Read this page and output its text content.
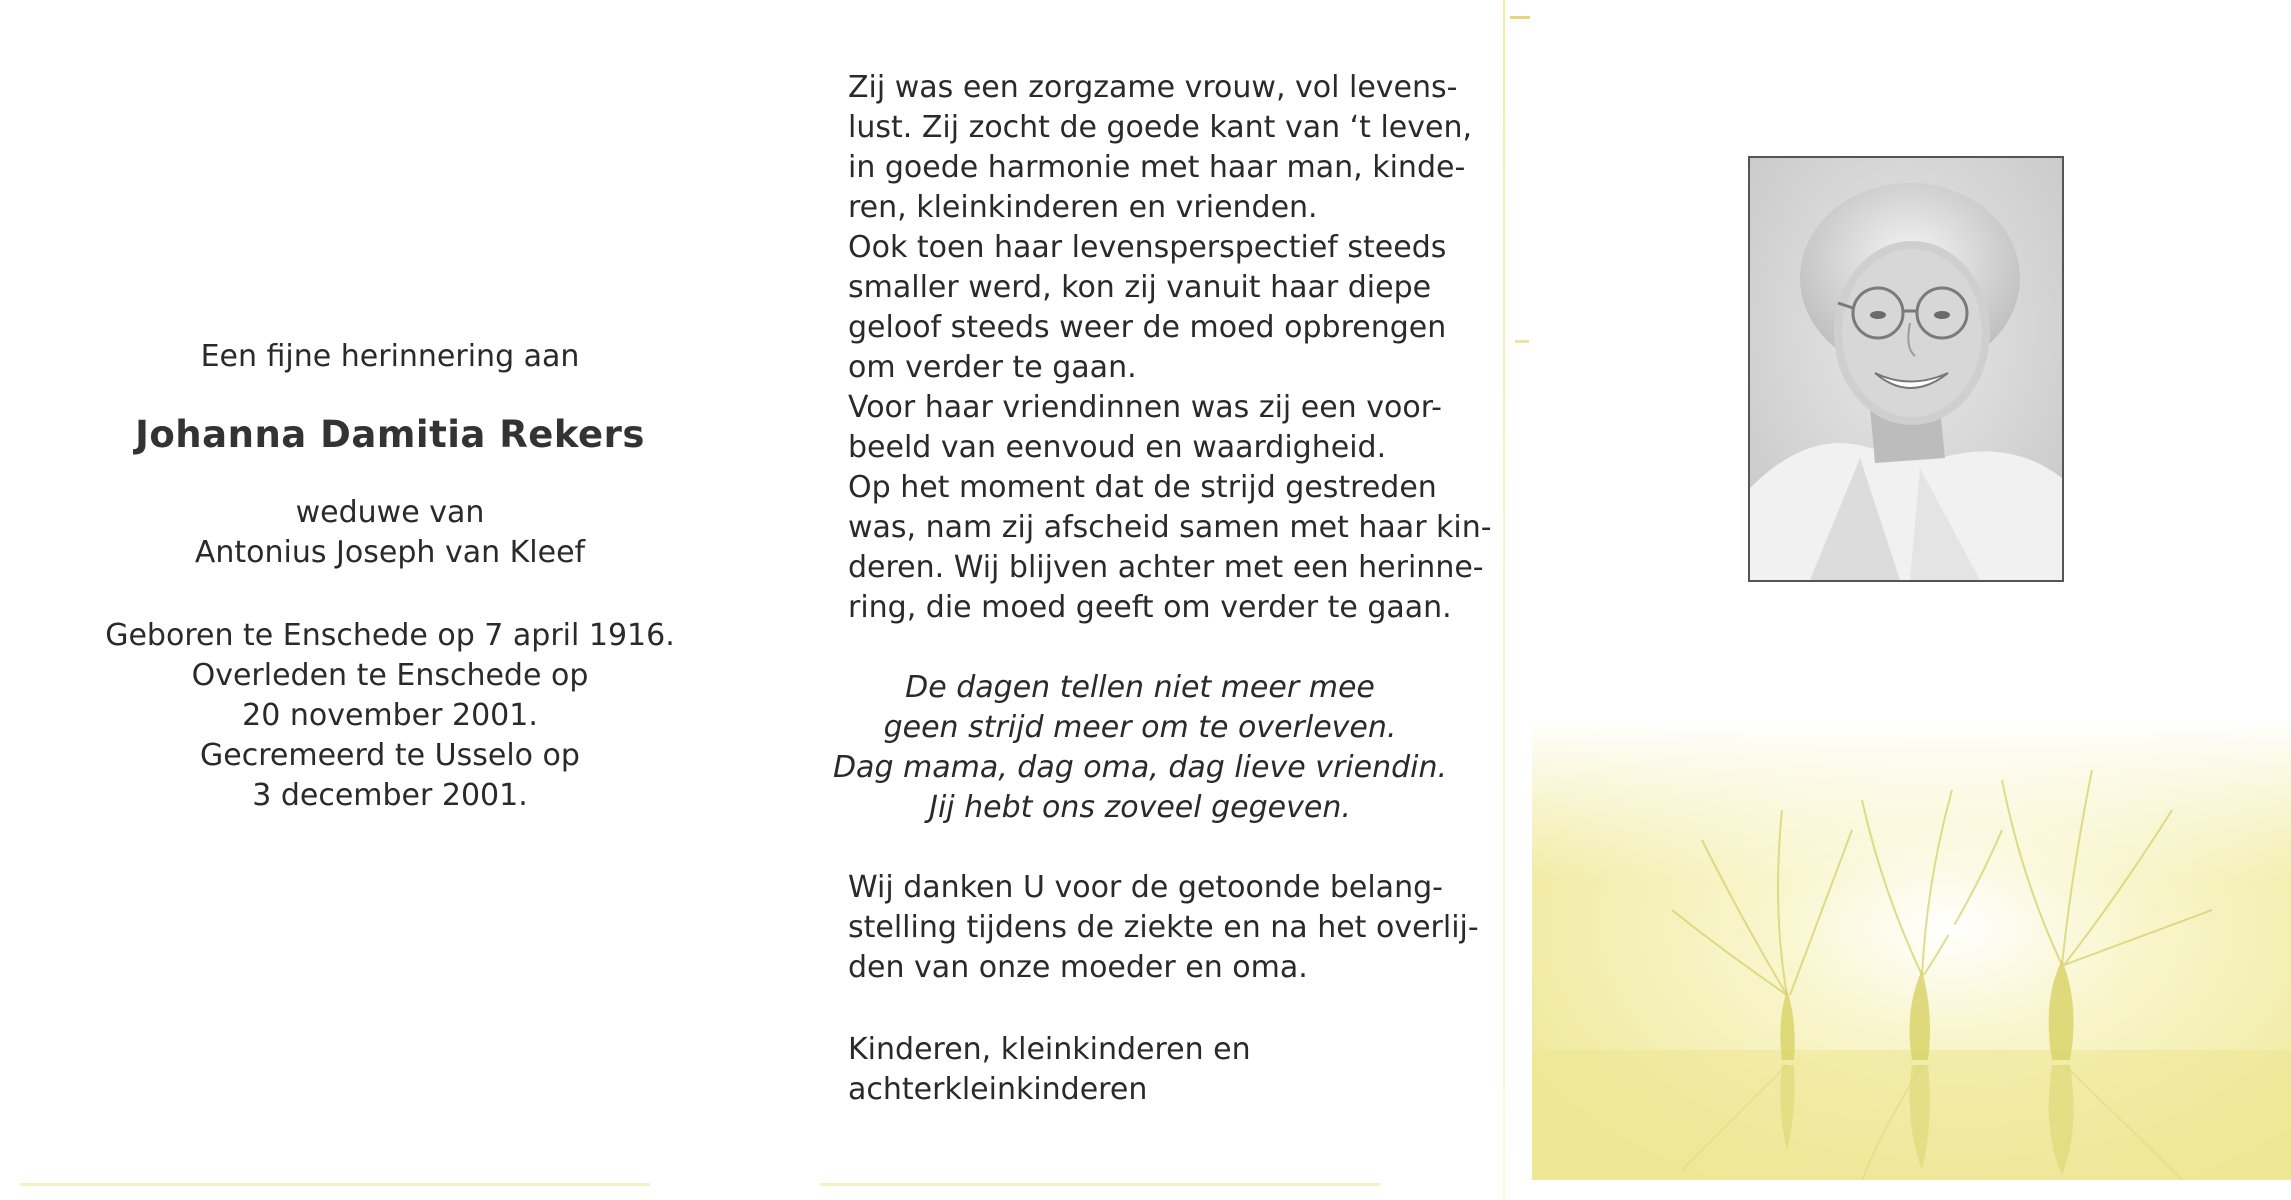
Een fijne herinnering aan
Johanna Damitia Rekers
weduwe van
Antonius Joseph van Kleef
Geboren te Enschede op 7 april 1916.
Overleden te Enschede op
20 november 2001.
Gecremeerd te Usselo op
3 december 2001.
Zij was een zorgzame vrouw, vol levens-
lust. Zij zocht de goede kant van ‘t leven,
in goede harmonie met haar man, kinde-
ren, kleinkinderen en vrienden.
Ook toen haar levensperspectief steeds
smaller werd, kon zij vanuit haar diepe
geloof steeds weer de moed opbrengen
om verder te gaan.
Voor haar vriendinnen was zij een voor-
beeld van eenvoud en waardigheid.
Op het moment dat de strijd gestreden
was, nam zij afscheid samen met haar kin-
deren. Wij blijven achter met een herinne-
ring, die moed geeft om verder te gaan.
De dagen tellen niet meer mee
geen strijd meer om te overleven.
Dag mama, dag oma, dag lieve vriendin.
Jij hebt ons zoveel gegeven.
Wij danken U voor de getoonde belang-
stelling tijdens de ziekte en na het overlij-
den van onze moeder en oma.
Kinderen, kleinkinderen en
achterkleinkinderen
